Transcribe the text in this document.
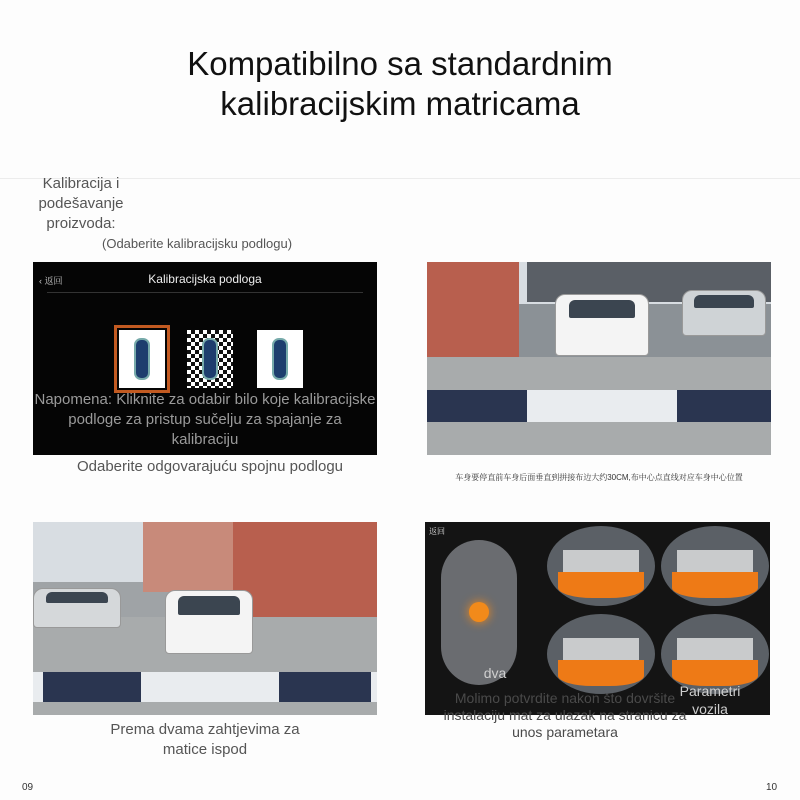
Kompatibilno sa standardnim
kalibracijskim matricama
Kalibracija i podešavanje proizvoda:
(Odaberite kalibracijsku podlogu)
‹ 返回	Kalibracijska podloga
Napomena: Kliknite za odabir bilo koje kalibracijske podloge za pristup sučelju za spajanje za kalibraciju
Odaberite odgovarajuću spojnu podlogu
车身要停直前车身后面垂直到拼接布边大约30CM,布中心点直线对应车身中心位置
Prema dvama zahtjevima za matice ispod
返回
dva
Parametri vozila
Molimo potvrdite nakon što dovršite instalaciju mat za ulazak na stranicu za unos parametara
09	10
